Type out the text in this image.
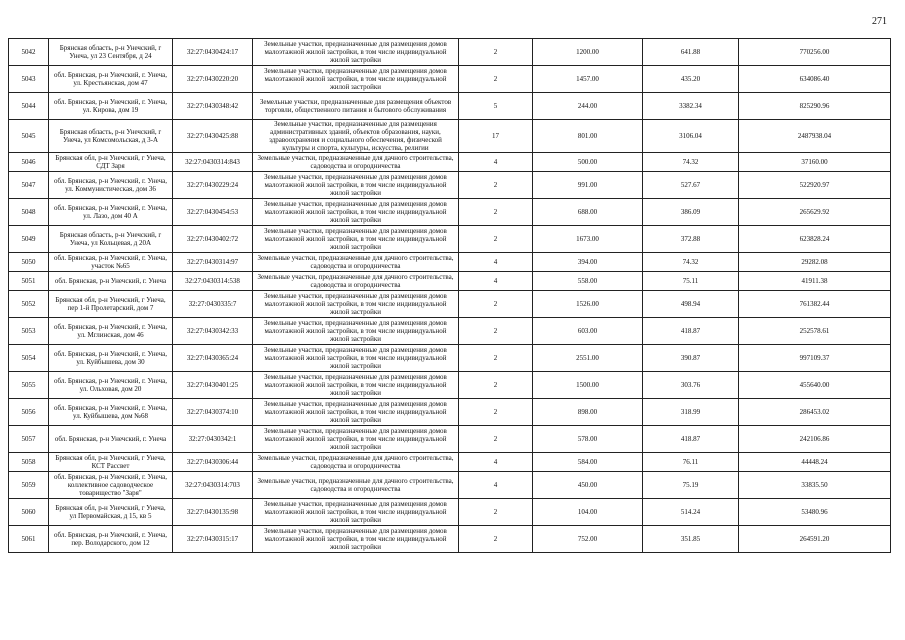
271
5042	Брянская область, р-н Унечский, г Унеча, ул 23 Сентября, д 24	32:27:0430424:17	Земельные участки, предназначенные для размещения домов малоэтажной жилой застройки, в том числе индивидуальной жилой застройки	2	1200.00	641.88	770256.00
5043	обл. Брянская, р-н Унечский, г. Унеча, ул. Крестьянская, дом 47	32:27:0430220:20	Земельные участки, предназначенные для размещения домов малоэтажной жилой застройки, в том числе индивидуальной жилой застройки	2	1457.00	435.20	634086.40
5044	обл. Брянская, р-н Унечский, г. Унеча, ул. Кирова, дом 19	32:27:0430348:42	Земельные участки, предназначенные для размещения объектов торговли, общественного питания и бытового обслуживания	5	244.00	3382.34	825290.96
5045	Брянская область, р-н Унечский, г Унеча, ул Комсомольская, д 3-А	32:27:0430425:88	Земельные участки, предназначенные для размещения административных зданий, объектов образования, науки, здравоохранения и социального обеспечения, физической культуры и спорта, культуры, искусства, религии	17	801.00	3106.04	2487938.04
5046	Брянская обл, р-н Унечский, г Унеча, СДТ Заря	32:27:0430314:843	Земельные участки, предназначенные для дачного строительства, садоводства и огородничества	4	500.00	74.32	37160.00
5047	обл. Брянская, р-н Унечский, г. Унеча, ул. Коммунистическая, дом 36	32:27:0430229:24	Земельные участки, предназначенные для размещения домов малоэтажной жилой застройки, в том числе индивидуальной жилой застройки	2	991.00	527.67	522920.97
5048	обл. Брянская, р-н Унечский, г. Унеча, ул. Лазо, дом 40 А	32:27:0430454:53	Земельные участки, предназначенные для размещения домов малоэтажной жилой застройки, в том числе индивидуальной жилой застройки	2	688.00	386.09	265629.92
5049	Брянская область, р-н Унечский, г Унеча, ул Кольцевая, д 20А	32:27:0430402:72	Земельные участки, предназначенные для размещения домов малоэтажной жилой застройки, в том числе индивидуальной жилой застройки	2	1673.00	372.88	623828.24
5050	обл. Брянская, р-н Унечский, г. Унеча, участок №65	32:27:0430314:97	Земельные участки, предназначенные для дачного строительства, садоводства и огородничества	4	394.00	74.32	29282.08
5051	обл. Брянская, р-н Унечский, г. Унеча	32:27:0430314:538	Земельные участки, предназначенные для дачного строительства, садоводства и огородничества	4	558.00	75.11	41911.38
5052	Брянская обл, р-н Унечский, г Унеча, пер 1-й Пролетарский, дом 7	32:27:0430335:7	Земельные участки, предназначенные для размещения домов малоэтажной жилой застройки, в том числе индивидуальной жилой застройки	2	1526.00	498.94	761382.44
5053	обл. Брянская, р-н Унечский, г. Унеча, ул. Мглинская, дом 46	32:27:0430342:33	Земельные участки, предназначенные для размещения домов малоэтажной жилой застройки, в том числе индивидуальной жилой застройки	2	603.00	418.87	252578.61
5054	обл. Брянская, р-н Унечский, г. Унеча, ул. Куйбышева, дом 30	32:27:0430365:24	Земельные участки, предназначенные для размещения домов малоэтажной жилой застройки, в том числе индивидуальной жилой застройки	2	2551.00	390.87	997109.37
5055	обл. Брянская, р-н Унечский, г. Унеча, ул. Ольховая, дом 20	32:27:0430401:25	Земельные участки, предназначенные для размещения домов малоэтажной жилой застройки, в том числе индивидуальной жилой застройки	2	1500.00	303.76	455640.00
5056	обл. Брянская, р-н Унечский, г. Унеча, ул. Куйбышева, дом №68	32:27:0430374:10	Земельные участки, предназначенные для размещения домов малоэтажной жилой застройки, в том числе индивидуальной жилой застройки	2	898.00	318.99	286453.02
5057	обл. Брянская, р-н Унечский, г. Унеча	32:27:0430342:1	Земельные участки, предназначенные для размещения домов малоэтажной жилой застройки, в том числе индивидуальной жилой застройки	2	578.00	418.87	242106.86
5058	Брянская обл, р-н Унечский, г Унеча, КСТ Рассвет	32:27:0430306:44	Земельные участки, предназначенные для дачного строительства, садоводства и огородничества	4	584.00	76.11	44448.24
5059	обл. Брянская, р-н Унечский, г. Унеча, коллективное садоводческое товарищество "Заря"	32:27:0430314:703	Земельные участки, предназначенные для дачного строительства, садоводства и огородничества	4	450.00	75.19	33835.50
5060	Брянская обл, р-н Унечский, г Унеча, ул Первомайская, д 15, кв 5	32:27:0430135:98	Земельные участки, предназначенные для размещения домов малоэтажной жилой застройки, в том числе индивидуальной жилой застройки	2	104.00	514.24	53480.96
5061	обл. Брянская, р-н Унечский, г. Унеча, пер. Володарского, дом 12	32:27:0430315:17	Земельные участки, предназначенные для размещения домов малоэтажной жилой застройки, в том числе индивидуальной жилой застройки	2	752.00	351.85	264591.20
